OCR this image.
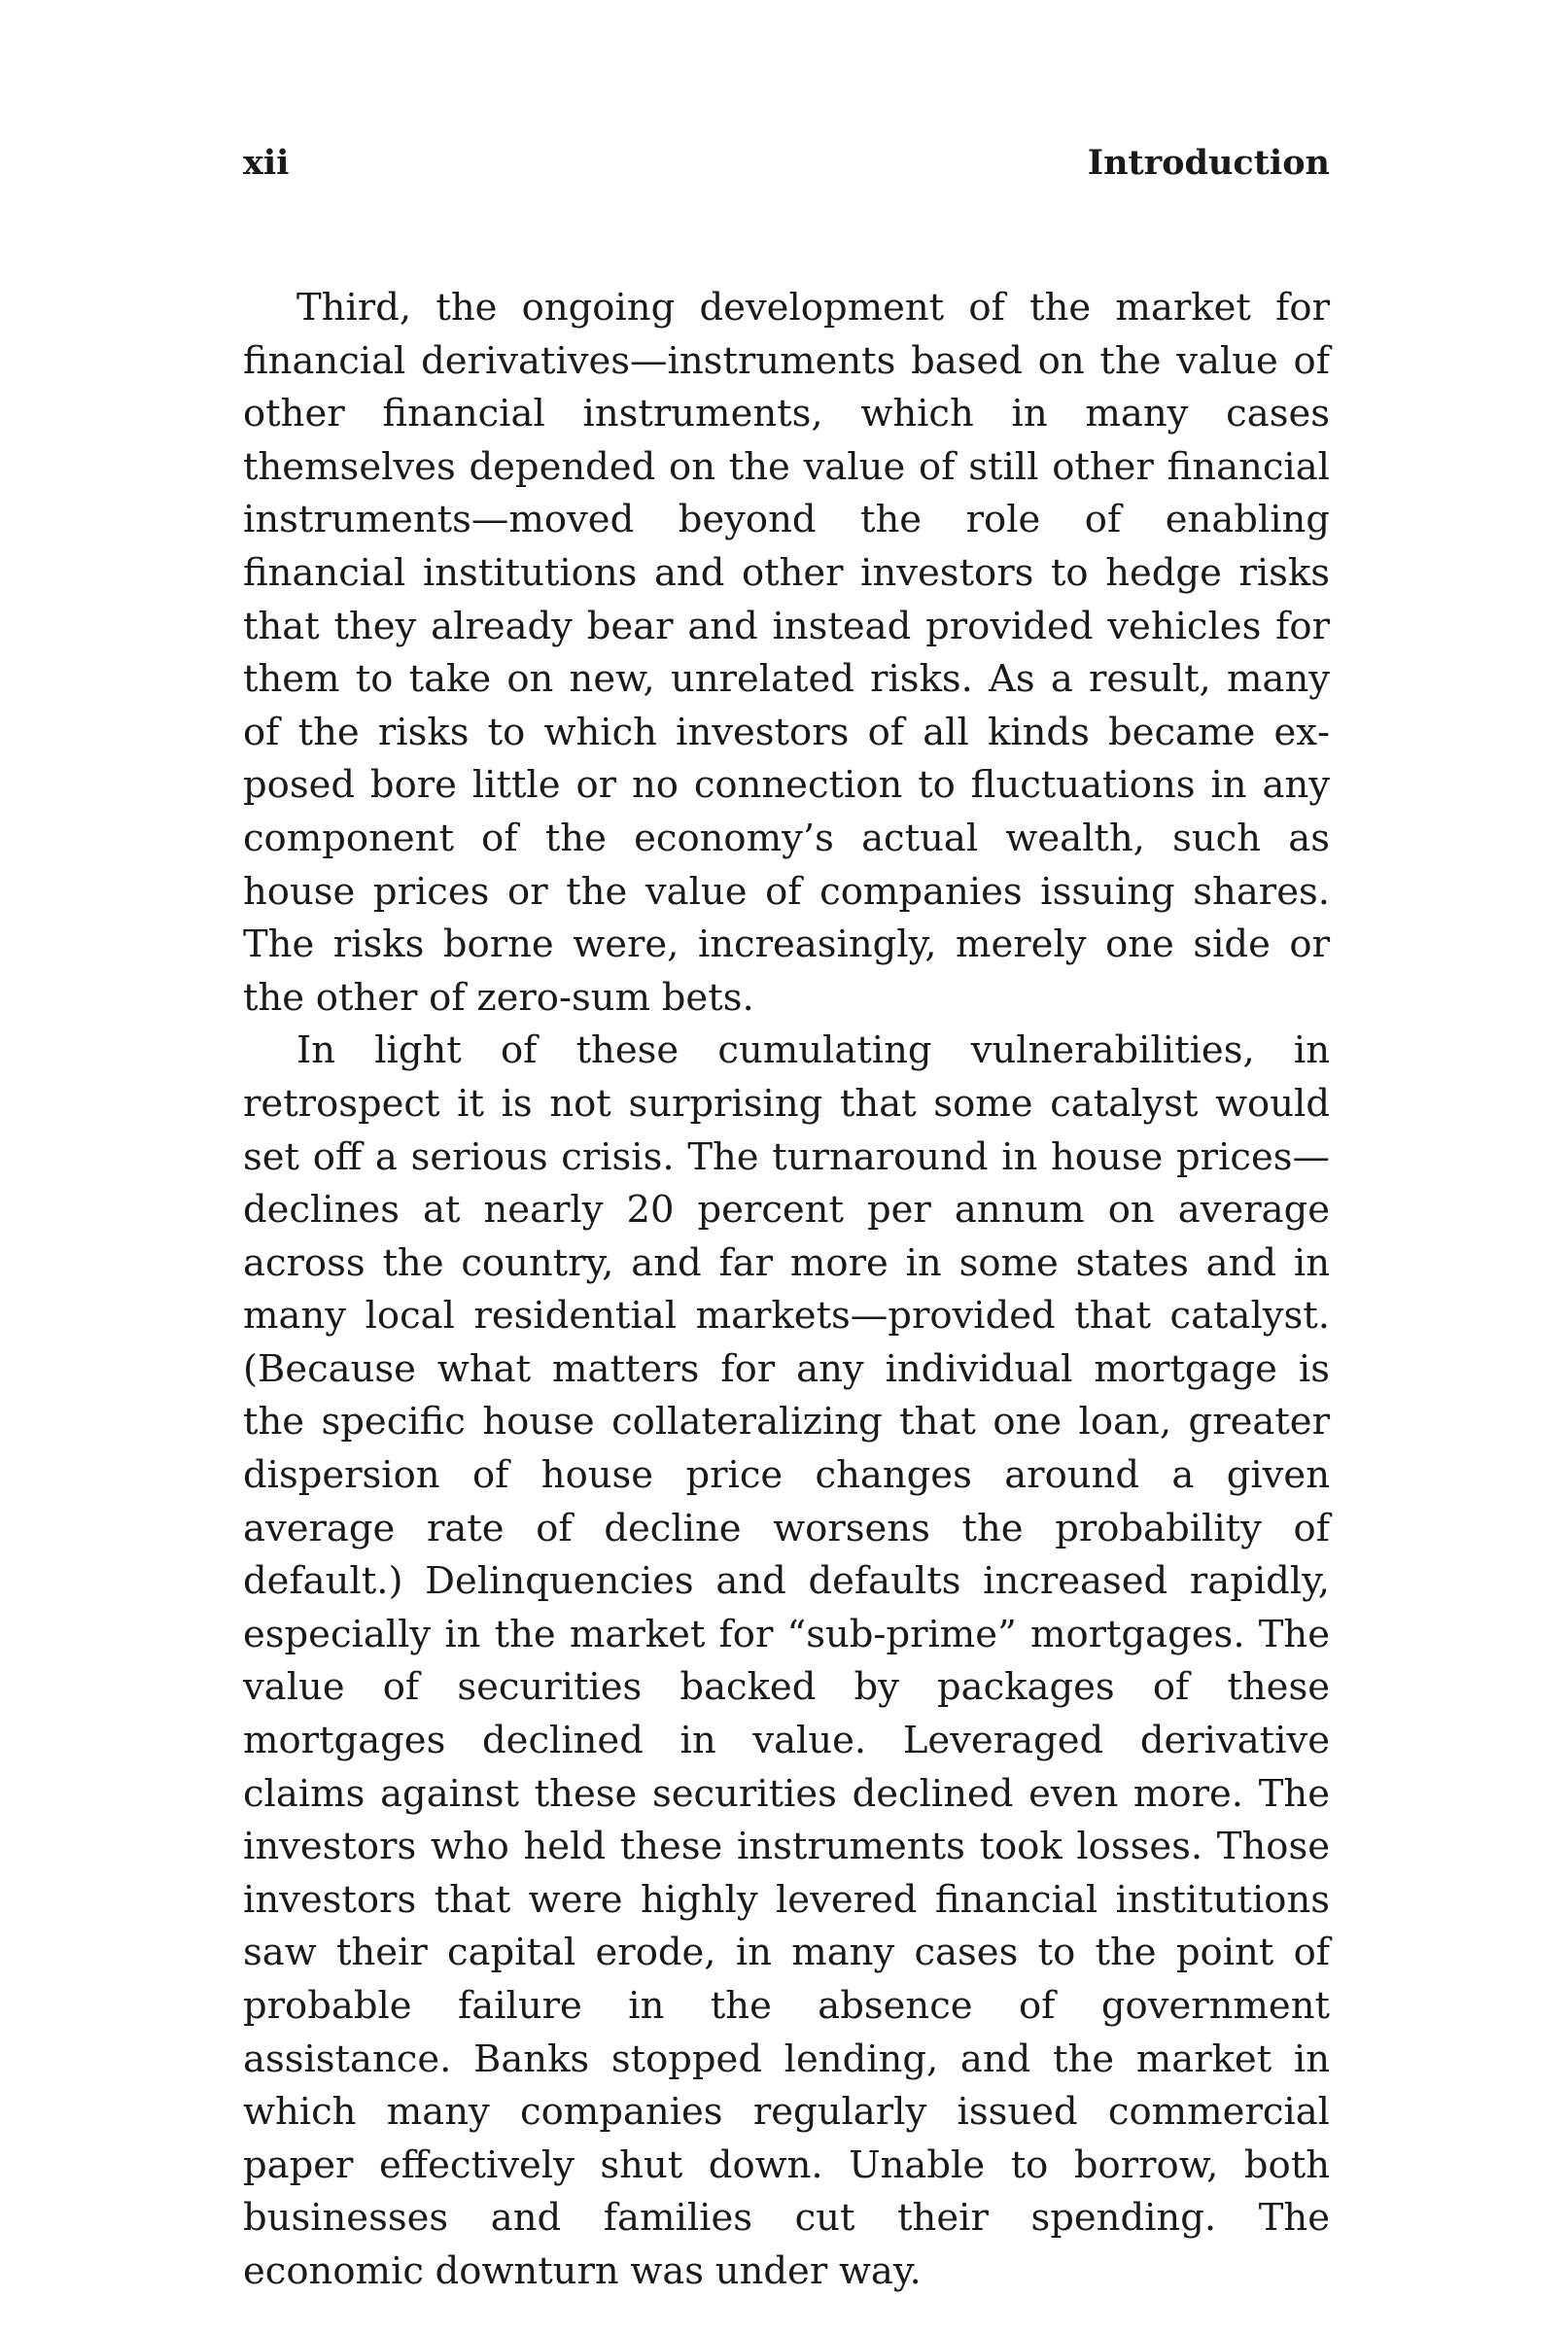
xii	Introduction

Third, the ongoing development of the market for financial derivatives—instruments based on the value of other financial instruments, which in many cases themselves depended on the value of still other financial instruments—moved beyond the role of enabling financial institutions and other investors to hedge risks that they already bear and instead provided vehicles for them to take on new, unrelated risks. As a result, many of the risks to which investors of all kinds became exposed bore little or no connection to fluctuations in any component of the economy’s actual wealth, such as house prices or the value of companies issuing shares. The risks borne were, increasingly, merely one side or the other of zero-sum bets.

In light of these cumulating vulnerabilities, in retrospect it is not surprising that some catalyst would set off a serious crisis. The turnaround in house prices—declines at nearly 20 percent per annum on average across the country, and far more in some states and in many local residential markets—provided that catalyst. (Because what matters for any individual mortgage is the specific house collateralizing that one loan, greater dispersion of house price changes around a given average rate of decline worsens the probability of default.) Delinquencies and defaults increased rapidly, especially in the market for “sub-prime” mortgages. The value of securities backed by packages of these mortgages declined in value. Leveraged derivative claims against these securities declined even more. The investors who held these instruments took losses. Those investors that were highly levered financial institutions saw their capital erode, in many cases to the point of probable failure in the absence of government assistance. Banks stopped lending, and the market in which many companies regularly issued commercial paper effectively shut down. Unable to borrow, both businesses and families cut their spending. The economic downturn was under way.
